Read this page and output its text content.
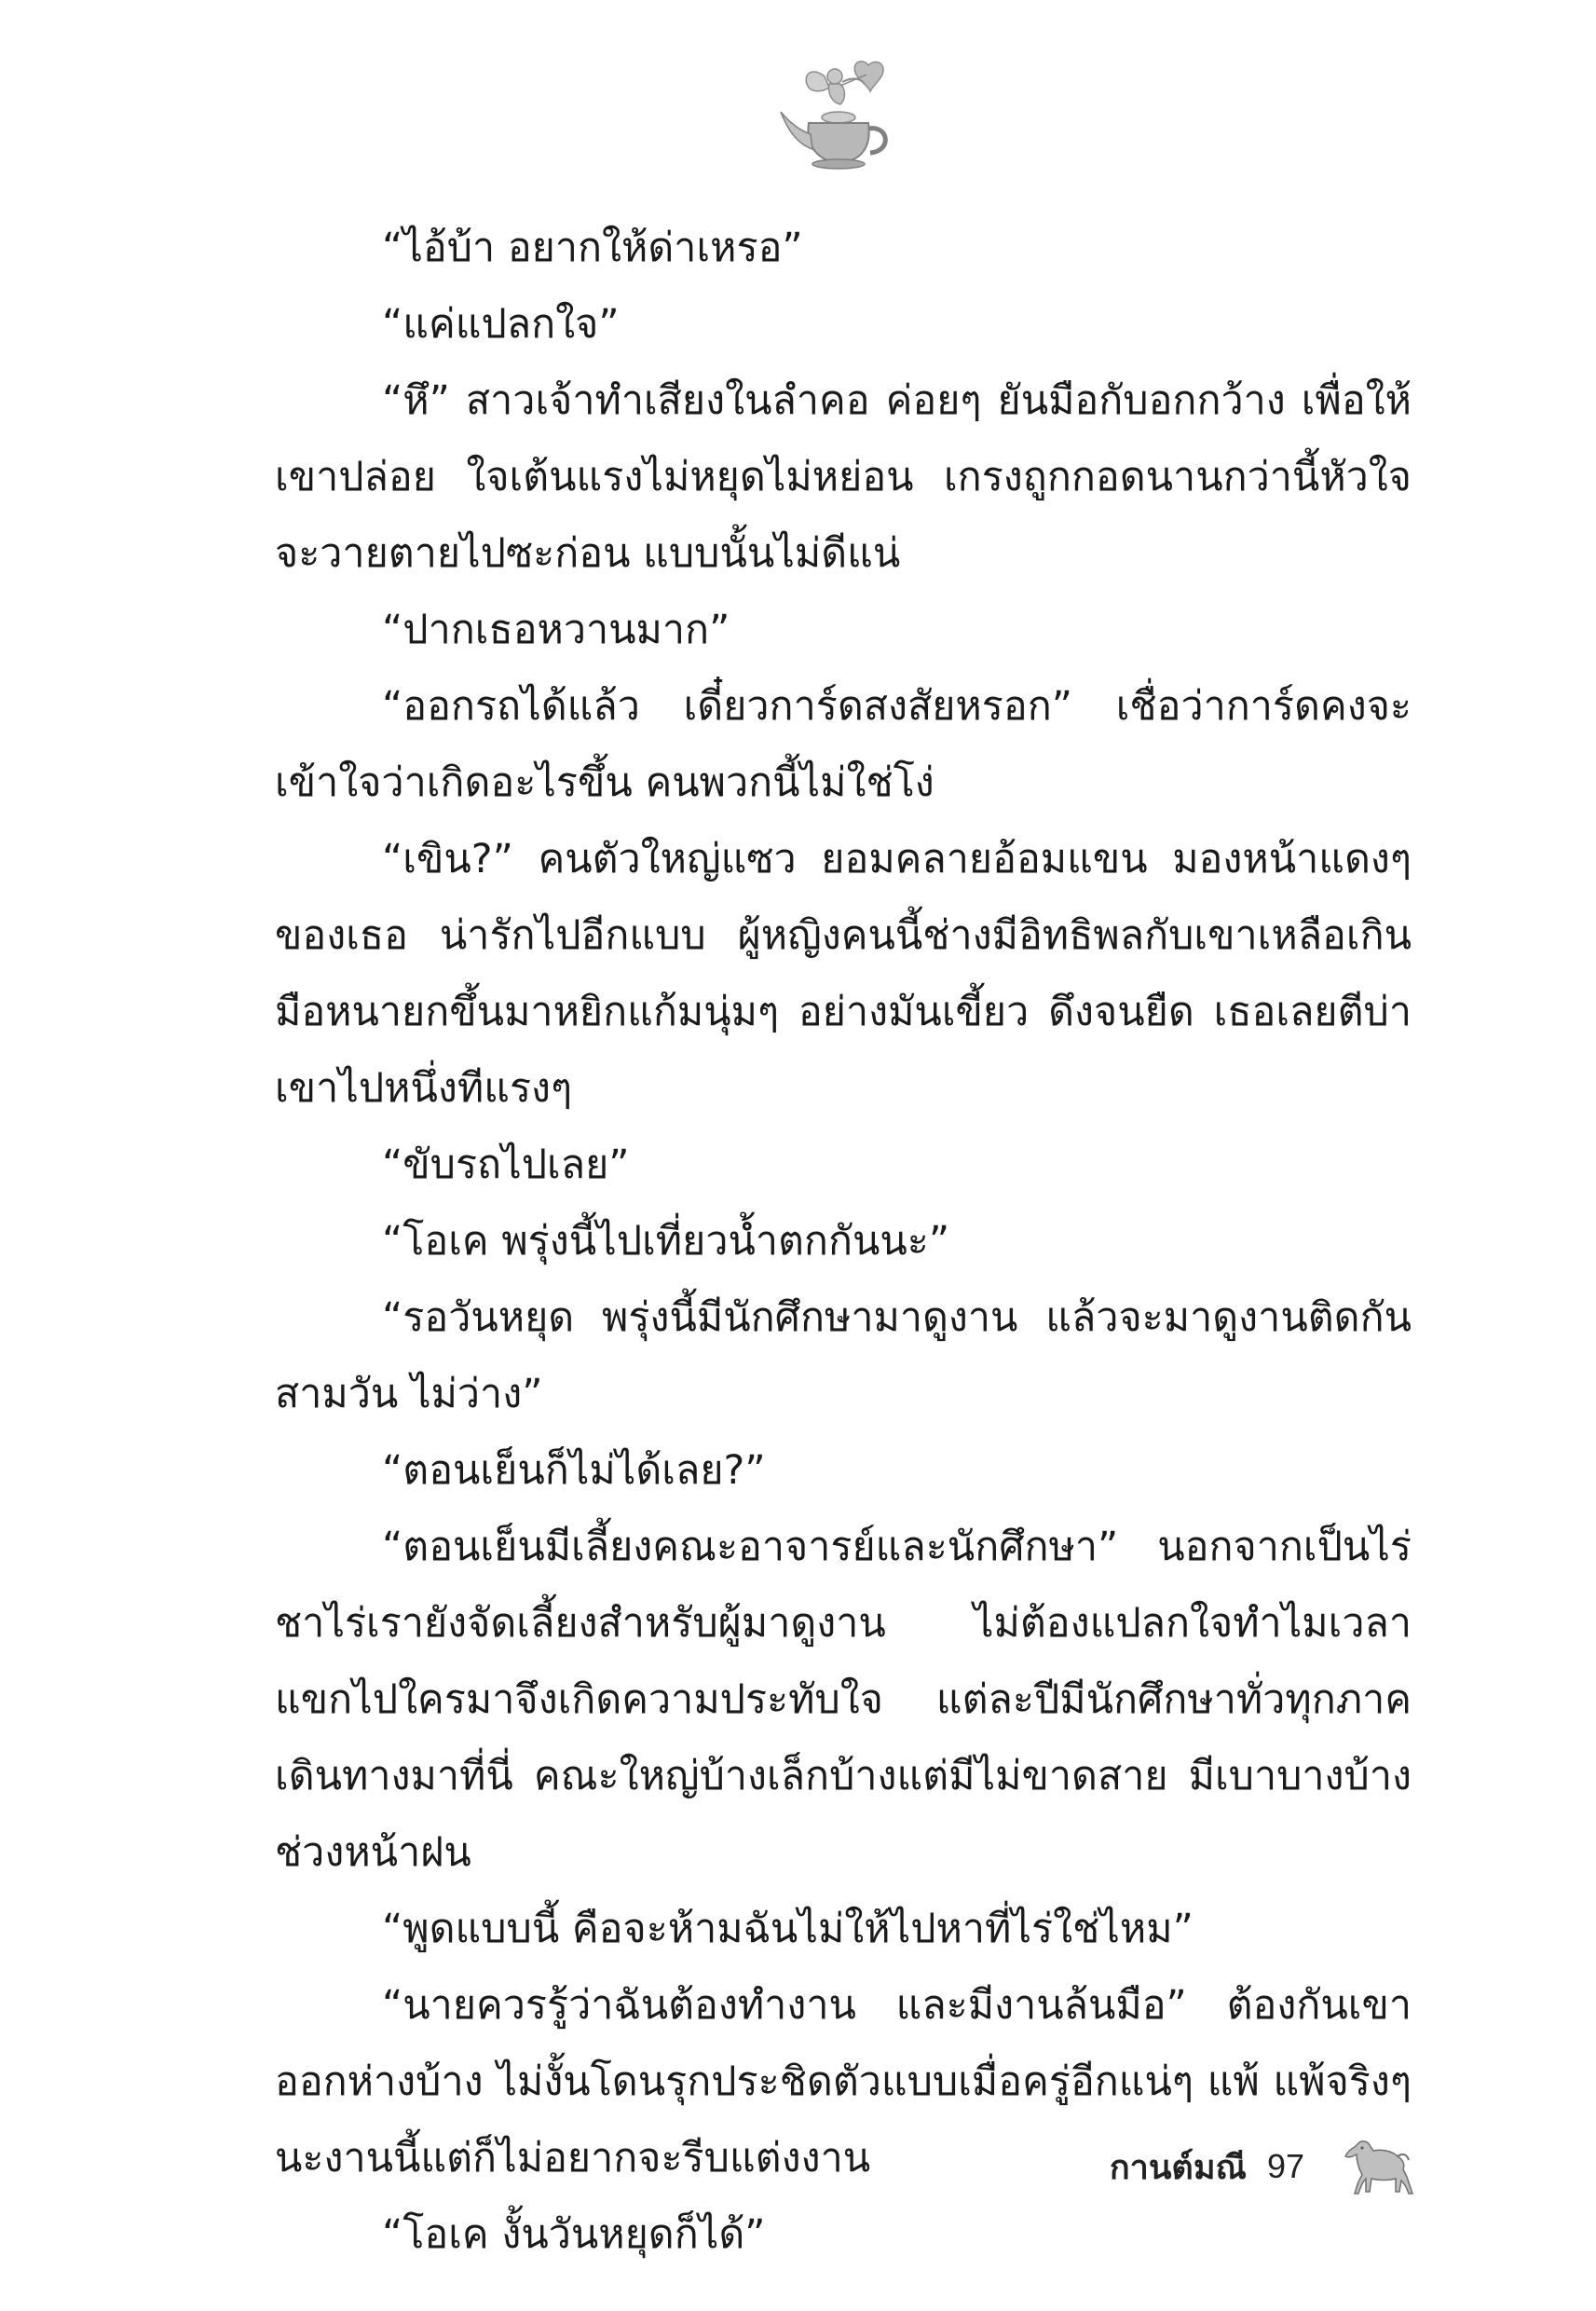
“ไอ้บ้า อยากให้ด่าเหรอ”

“แค่แปลกใจ”

“หึ” สาวเจ้าทำเสียงในลำคอ ค่อยๆ ยันมือกับอกกว้าง เพื่อให้เขาปล่อย ใจเต้นแรงไม่หยุดไม่หย่อน เกรงถูกกอดนานกว่านี้หัวใจจะวายตายไปซะก่อน แบบนั้นไม่ดีแน่

“ปากเธอหวานมาก”

“ออกรถได้แล้ว เดี๋ยวการ์ดสงสัยหรอก” เชื่อว่าการ์ดคงจะเข้าใจว่าเกิดอะไรขึ้น คนพวกนี้ไม่ใช่โง่

“เขิน?” คนตัวใหญ่แซว ยอมคลายอ้อมแขน มองหน้าแดงๆ ของเธอ น่ารักไปอีกแบบ ผู้หญิงคนนี้ช่างมีอิทธิพลกับเขาเหลือเกิน มือหนายกขึ้นมาหยิกแก้มนุ่มๆ อย่างมันเขี้ยว ดึงจนยืด เธอเลยตีบ่าเขาไปหนึ่งทีแรงๆ

“ขับรถไปเลย”

“โอเค พรุ่งนี้ไปเที่ยวน้ำตกกันนะ”

“รอวันหยุด พรุ่งนี้มีนักศึกษามาดูงาน แล้วจะมาดูงานติดกันสามวัน ไม่ว่าง”

“ตอนเย็นก็ไม่ได้เลย?”

“ตอนเย็นมีเลี้ยงคณะอาจารย์และนักศึกษา” นอกจากเป็นไร่ชาไร่เรายังจัดเลี้ยงสำหรับผู้มาดูงาน ไม่ต้องแปลกใจทำไมเวลาแขกไปใครมาจึงเกิดความประทับใจ แต่ละปีมีนักศึกษาทั่วทุกภาคเดินทางมาที่นี่ คณะใหญ่บ้างเล็กบ้างแต่มีไม่ขาดสาย มีเบาบางบ้างช่วงหน้าฝน

“พูดแบบนี้ คือจะห้ามฉันไม่ให้ไปหาที่ไร่ใช่ไหม”

“นายควรรู้ว่าฉันต้องทำงาน และมีงานล้นมือ” ต้องกันเขาออกห่างบ้าง ไม่งั้นโดนรุกประชิดตัวแบบเมื่อครู่อีกแน่ๆ แพ้ แพ้จริงๆ นะงานนี้แต่ก็ไม่อยากจะรีบแต่งงาน

“โอเค งั้นวันหยุดก็ได้”

กานต์มณี 97
